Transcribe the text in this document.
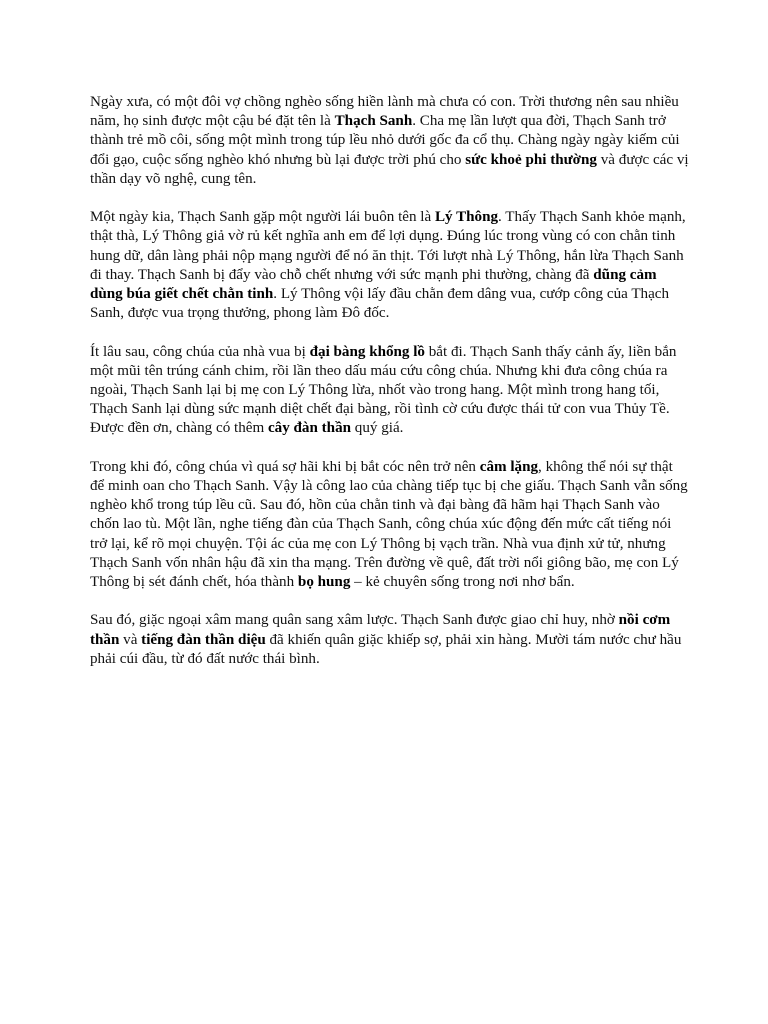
Ngày xưa, có một đôi vợ chồng nghèo sống hiền lành mà chưa có con. Trời thương nên sau nhiều năm, họ sinh được một cậu bé đặt tên là Thạch Sanh. Cha mẹ lần lượt qua đời, Thạch Sanh trở thành trẻ mồ côi, sống một mình trong túp lều nhỏ dưới gốc đa cổ thụ. Chàng ngày ngày kiếm củi đổi gạo, cuộc sống nghèo khó nhưng bù lại được trời phú cho sức khoẻ phi thường và được các vị thần dạy võ nghệ, cung tên.

Một ngày kia, Thạch Sanh gặp một người lái buôn tên là Lý Thông. Thấy Thạch Sanh khỏe mạnh, thật thà, Lý Thông giả vờ rủ kết nghĩa anh em để lợi dụng. Đúng lúc trong vùng có con chằn tinh hung dữ, dân làng phải nộp mạng người để nó ăn thịt. Tới lượt nhà Lý Thông, hắn lừa Thạch Sanh đi thay. Thạch Sanh bị đẩy vào chỗ chết nhưng với sức mạnh phi thường, chàng đã dũng cảm dùng búa giết chết chằn tinh. Lý Thông vội lấy đầu chằn đem dâng vua, cướp công của Thạch Sanh, được vua trọng thưởng, phong làm Đô đốc.

Ít lâu sau, công chúa của nhà vua bị đại bàng khổng lồ bắt đi. Thạch Sanh thấy cảnh ấy, liền bắn một mũi tên trúng cánh chim, rồi lần theo dấu máu cứu công chúa. Nhưng khi đưa công chúa ra ngoài, Thạch Sanh lại bị mẹ con Lý Thông lừa, nhốt vào trong hang. Một mình trong hang tối, Thạch Sanh lại dùng sức mạnh diệt chết đại bàng, rồi tình cờ cứu được thái tử con vua Thủy Tề. Được đền ơn, chàng có thêm cây đàn thần quý giá.

Trong khi đó, công chúa vì quá sợ hãi khi bị bắt cóc nên trở nên câm lặng, không thể nói sự thật để minh oan cho Thạch Sanh. Vậy là công lao của chàng tiếp tục bị che giấu. Thạch Sanh vẫn sống nghèo khổ trong túp lều cũ. Sau đó, hồn của chằn tinh và đại bàng đã hãm hại Thạch Sanh vào chốn lao tù. Một lần, nghe tiếng đàn của Thạch Sanh, công chúa xúc động đến mức cất tiếng nói trở lại, kể rõ mọi chuyện. Tội ác của mẹ con Lý Thông bị vạch trần. Nhà vua định xử tử, nhưng Thạch Sanh vốn nhân hậu đã xin tha mạng. Trên đường về quê, đất trời nổi giông bão, mẹ con Lý Thông bị sét đánh chết, hóa thành bọ hung – kẻ chuyên sống trong nơi nhơ bẩn.

Sau đó, giặc ngoại xâm mang quân sang xâm lược. Thạch Sanh được giao chỉ huy, nhờ nồi cơm thần và tiếng đàn thần diệu đã khiến quân giặc khiếp sợ, phải xin hàng. Mười tám nước chư hầu phải cúi đầu, từ đó đất nước thái bình.
